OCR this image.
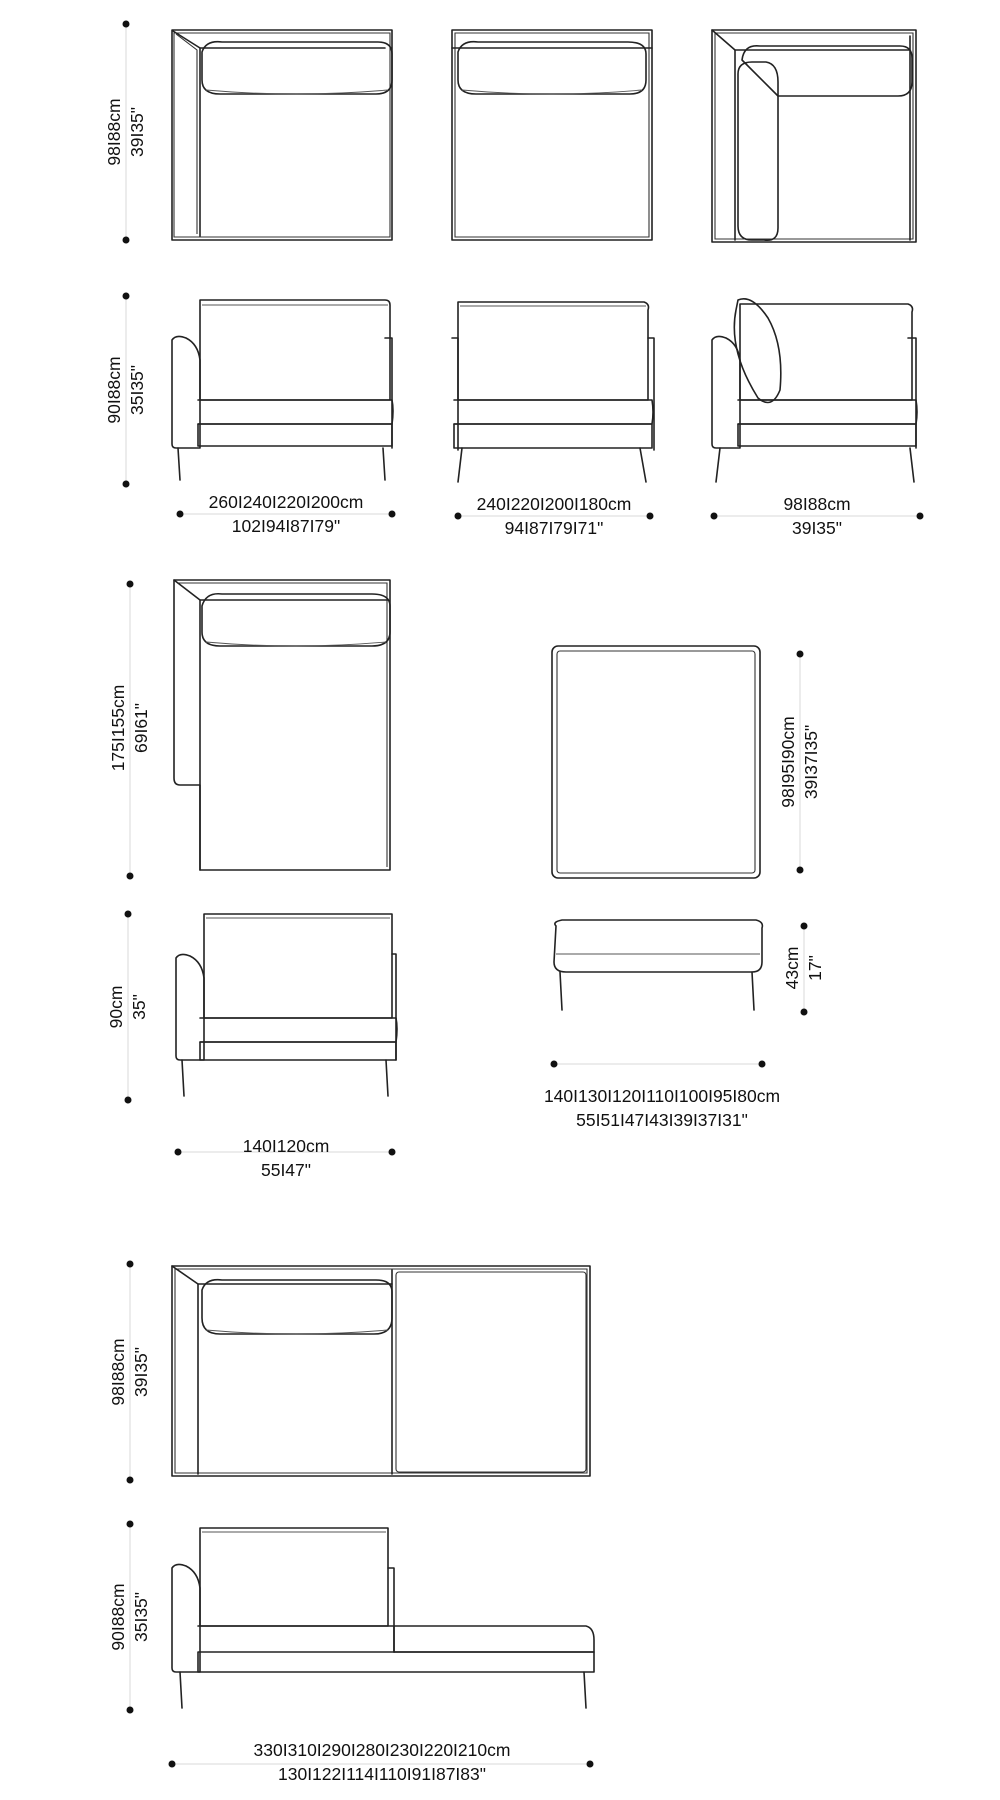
98I88cm 39I35"
90I88cm 35I35"
175I155cm 69I61"
90cm 35"
98I95I90cm 39I37I35"
43cm 17"
98I88cm 39I35"
90I88cm 35I35"
260I240I220I200cm
102I94I87I79"
240I220I200I180cm
94I87I79I71"
98I88cm
39I35"
140I120cm
55I47"
140I130I120I110I100I95I80cm
55I51I47I43I39I37I31"
330I310I290I280I230I220I210cm
130I122I114I110I91I87I83"
